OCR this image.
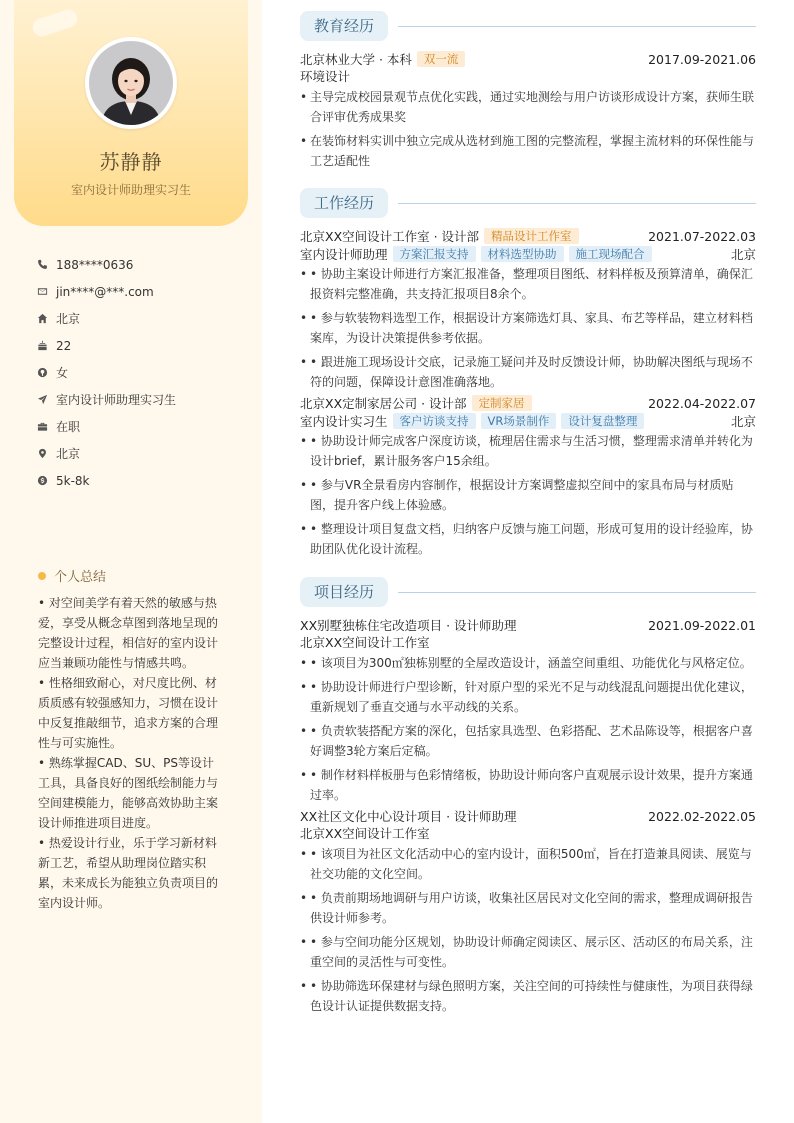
苏静静
室内设计师助理实习生
188****0636
jin****@***.com
北京
22
女
室内设计师助理实习生
在职
北京
5k-8k
个人总结
• 对空间美学有着天然的敏感与热爱，享受从概念草图到落地呈现的完整设计过程，相信好的室内设计应当兼顾功能性与情感共鸣。
• 性格细致耐心，对尺度比例、材质质感有较强感知力，习惯在设计中反复推敲细节，追求方案的合理性与可实施性。
• 熟练掌握CAD、SU、PS等设计工具，具备良好的图纸绘制能力与空间建模能力，能够高效协助主案设计师推进项目进度。
• 热爱设计行业，乐于学习新材料新工艺，希望从助理岗位踏实积累，未来成长为能独立负责项目的室内设计师。
教育经历
北京林业大学 · 本科	双一流	2017.09-2021.06
环境设计
• 主导完成校园景观节点优化实践，通过实地测绘与用户访谈形成设计方案，获师生联合评审优秀成果奖
• 在装饰材料实训中独立完成从选材到施工图的完整流程，掌握主流材料的环保性能与工艺适配性
工作经历
北京XX空间设计工作室 · 设计部	精品设计工作室	2021.07-2022.03
室内设计师助理	方案汇报支持	材料选型协助	施工现场配合	北京
• • 协助主案设计师进行方案汇报准备，整理项目图纸、材料样板及预算清单，确保汇报资料完整准确，共支持汇报项目8余个。
• • 参与软装物料选型工作，根据设计方案筛选灯具、家具、布艺等样品，建立材料档案库，为设计决策提供参考依据。
• • 跟进施工现场设计交底，记录施工疑问并及时反馈设计师，协助解决图纸与现场不符的问题，保障设计意图准确落地。
北京XX定制家居公司 · 设计部	定制家居	2022.04-2022.07
室内设计实习生	客户访谈支持	VR场景制作	设计复盘整理	北京
• • 协助设计师完成客户深度访谈，梳理居住需求与生活习惯，整理需求清单并转化为设计brief，累计服务客户15余组。
• • 参与VR全景看房内容制作，根据设计方案调整虚拟空间中的家具布局与材质贴图，提升客户线上体验感。
• • 整理设计项目复盘文档，归纳客户反馈与施工问题，形成可复用的设计经验库，协助团队优化设计流程。
项目经历
XX别墅独栋住宅改造项目 · 设计师助理	2021.09-2022.01
北京XX空间设计工作室
• • 该项目为300㎡独栋别墅的全屋改造设计，涵盖空间重组、功能优化与风格定位。
• • 协助设计师进行户型诊断，针对原户型的采光不足与动线混乱问题提出优化建议，重新规划了垂直交通与水平动线的关系。
• • 负责软装搭配方案的深化，包括家具选型、色彩搭配、艺术品陈设等，根据客户喜好调整3轮方案后定稿。
• • 制作材料样板册与色彩情绪板，协助设计师向客户直观展示设计效果，提升方案通过率。
XX社区文化中心设计项目 · 设计师助理	2022.02-2022.05
北京XX空间设计工作室
• • 该项目为社区文化活动中心的室内设计，面积500㎡，旨在打造兼具阅读、展览与社交功能的文化空间。
• • 负责前期场地调研与用户访谈，收集社区居民对文化空间的需求，整理成调研报告供设计师参考。
• • 参与空间功能分区规划，协助设计师确定阅读区、展示区、活动区的布局关系，注重空间的灵活性与可变性。
• • 协助筛选环保建材与绿色照明方案，关注空间的可持续性与健康性，为项目获得绿色设计认证提供数据支持。
